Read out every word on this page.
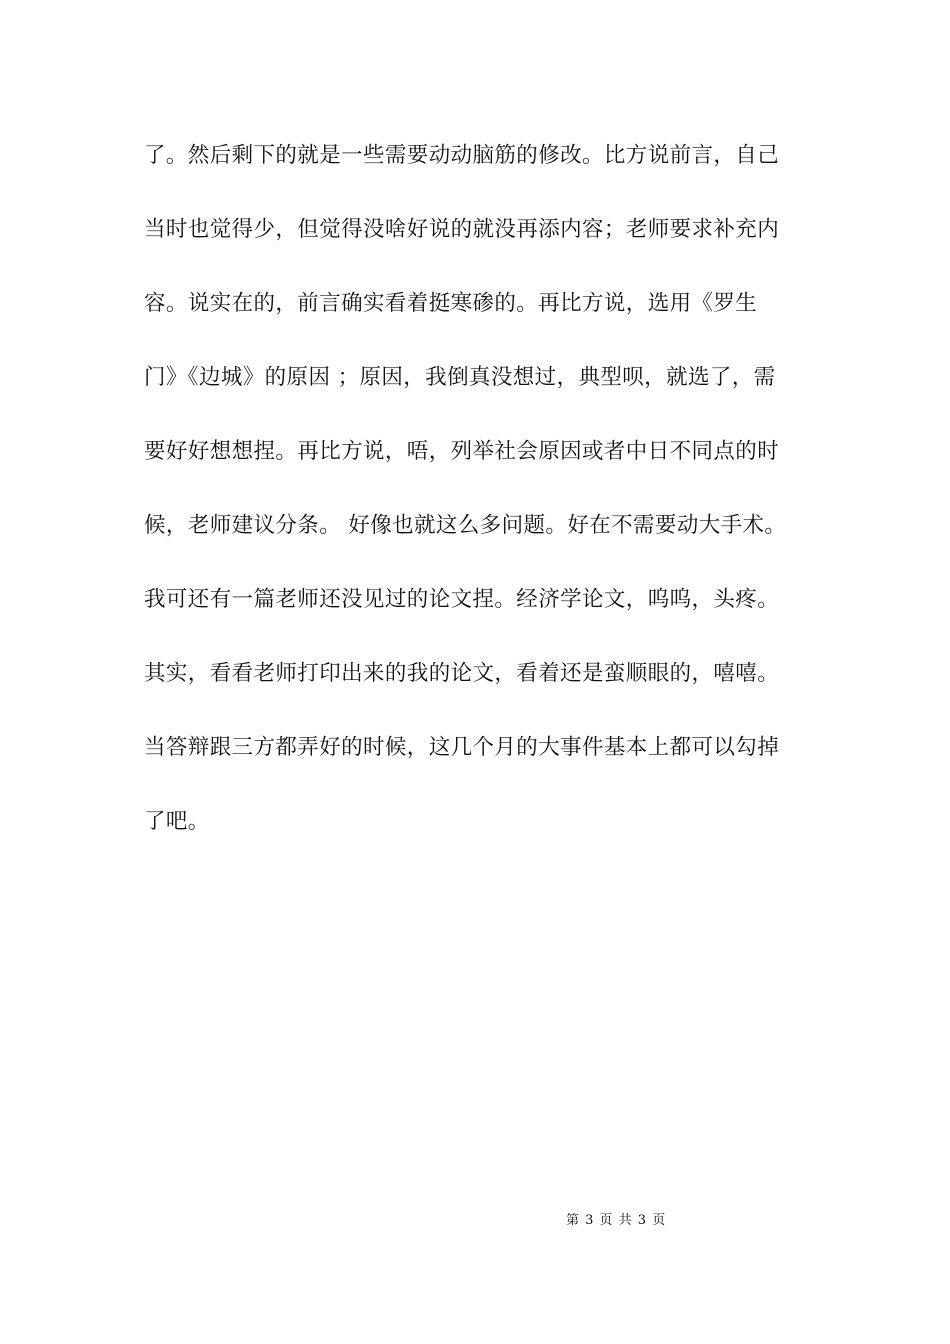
了。然后剩下的就是一些需要动动脑筋的修改。比方说前言，自己
当时也觉得少，但觉得没啥好说的就没再添内容；老师要求补充内
容。说实在的，前言确实看着挺寒碜的。再比方说，选用《罗生
门》《边城》的原因 ；原因，我倒真没想过，典型呗，就选了，需
要好好想想捏。再比方说，唔，列举社会原因或者中日不同点的时
候，老师建议分条。 好像也就这么多问题。好在不需要动大手术。
我可还有一篇老师还没见过的论文捏。经济学论文，呜呜，头疼。
其实，看看老师打印出来的我的论文，看着还是蛮顺眼的，嘻嘻。
当答辩跟三方都弄好的时候，这几个月的大事件基本上都可以勾掉
了吧。
第 3 页 共 3 页
